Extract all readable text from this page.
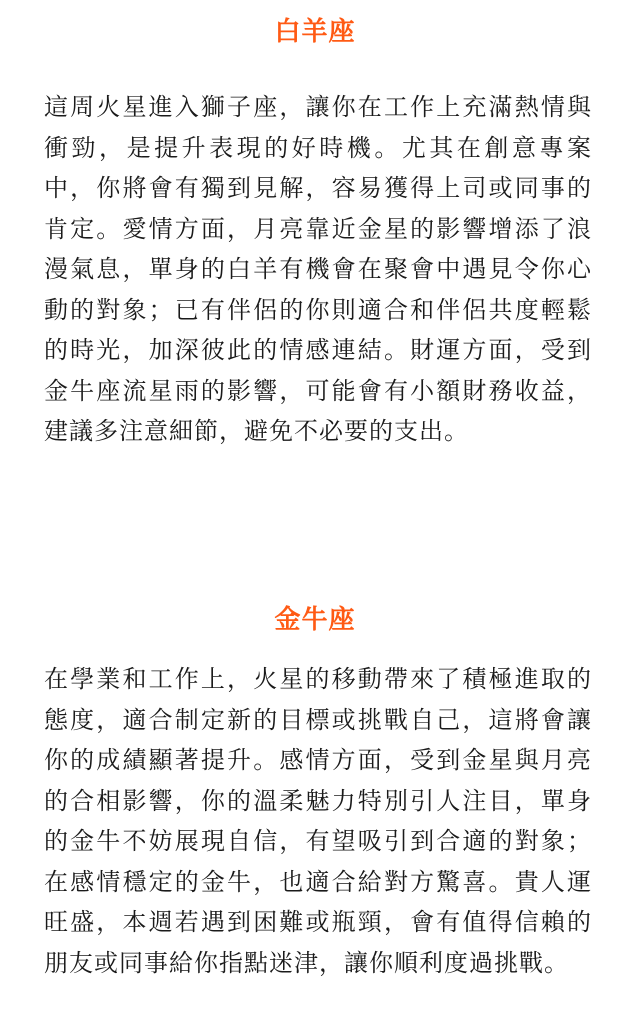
白羊座

這周火星進入獅子座，讓你在工作上充滿熱情與衝勁，是提升表現的好時機。尤其在創意專案中，你將會有獨到見解，容易獲得上司或同事的肯定。愛情方面，月亮靠近金星的影響增添了浪漫氣息，單身的白羊有機會在聚會中遇見令你心動的對象；已有伴侶的你則適合和伴侶共度輕鬆的時光，加深彼此的情感連結。財運方面，受到金牛座流星雨的影響，可能會有小額財務收益，建議多注意細節，避免不必要的支出。

金牛座

在學業和工作上，火星的移動帶來了積極進取的態度，適合制定新的目標或挑戰自己，這將會讓你的成績顯著提升。感情方面，受到金星與月亮的合相影響，你的溫柔魅力特別引人注目，單身的金牛不妨展現自信，有望吸引到合適的對象；在感情穩定的金牛，也適合給對方驚喜。貴人運旺盛，本週若遇到困難或瓶頸，會有值得信賴的朋友或同事給你指點迷津，讓你順利度過挑戰。
